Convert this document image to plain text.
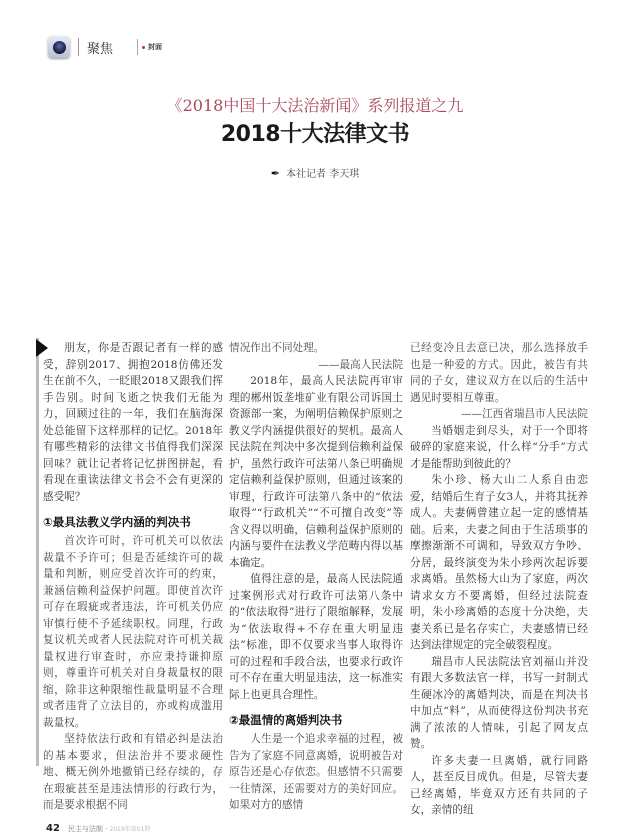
聚焦	封面
《2018中国十大法治新闻》系列报道之九
2018十大法律文书
✒ 本社记者 李天琪

朋友，你是否跟记者有一样的感受，辞别2017、拥抱2018仿佛还发生在前不久，一眨眼2018又跟我们挥手告别。时间飞逝之快我们无能为力，回顾过往的一年，我们在脑海深处总能留下这样那样的记忆。2018年有哪些精彩的法律文书值得我们深深回味？就让记者将记忆拼图拼起，看看现在重读法律文书会不会有更深的感受呢？

①最具法教义学内涵的判决书

首次许可时，许可机关可以依法裁量不予许可；但是否延续许可的裁量和判断，则应受首次许可的约束，兼涵信赖利益保护问题。即使首次许可存在瑕疵或者违法，许可机关仍应审慎行使不予延续职权。同理，行政复议机关或者人民法院对许可机关裁量权进行审查时，亦应秉持谦抑原则，尊重许可机关对自身裁量权的限缩，除非这种限缩性裁量明显不合理或者违背了立法目的，亦或构成滥用裁量权。

坚持依法行政和有错必纠是法治的基本要求，但法治并不要求硬性地、概无例外地撤销已经存续的，存在瑕疵甚至是违法情形的行政行为，而是要求根据不同

情况作出不同处理。

——最高人民法院

2018年，最高人民法院再审审理的郴州饭垄堆矿业有限公司诉国土资源部一案，为阐明信赖保护原则之教义学内涵提供很好的契机。最高人民法院在判决中多次提到信赖利益保护，虽然行政许可法第八条已明确规定信赖利益保护原则，但通过该案的审理，行政许可法第八条中的“依法取得”“行政机关”“不可擅自改变”等含义得以明确，信赖利益保护原则的内涵与要件在法教义学范畴内得以基本确定。

值得注意的是，最高人民法院通过案例形式对行政许可法第八条中的“依法取得”进行了限缩解释，发展为“依法取得+不存在重大明显违法”标准，即不仅要求当事人取得许可的过程和手段合法，也要求行政许可不存在重大明显违法，这一标准实际上也更具合理性。

②最温情的离婚判决书

人生是一个追求幸福的过程，被告为了家庭不同意离婚，说明被告对原告还是心存依恋。但感情不只需要一往情深，还需要对方的美好回应。如果对方的感情

已经变冷且去意已决，那么选择放手也是一种爱的方式。因此，被告有共同的子女，建议双方在以后的生活中遇见时要相互尊重。

——江西省瑞昌市人民法院

当婚姻走到尽头，对于一个即将破碎的家庭来说，什么样“分手”方式才是能帮助到彼此的？

朱小珍、杨大山二人系自由恋爱，结婚后生育子女3人，并将其抚养成人。夫妻俩曾建立起一定的感情基础。后来，夫妻之间由于生活琐事的摩擦渐渐不可调和，导致双方争吵、分居，最终演变为朱小珍两次起诉要求离婚。虽然杨大山为了家庭，两次请求女方不要离婚，但经过法院查明，朱小珍离婚的态度十分决绝，夫妻关系已是名存实亡，夫妻感情已经达到法律规定的完全破裂程度。

瑞昌市人民法院法官刘福山并没有跟大多数法官一样，书写一封制式生硬冰冷的离婚判决，而是在判决书中加点“料”，从而使得这份判决书充满了浓浓的人情味，引起了网友点赞。

许多夫妻一旦离婚，就行同路人，甚至反目成仇。但是，尽管夫妻已经离婚，毕竟双方还有共同的子女，亲情的纽

42 民主与法制 · 2019年第01期
